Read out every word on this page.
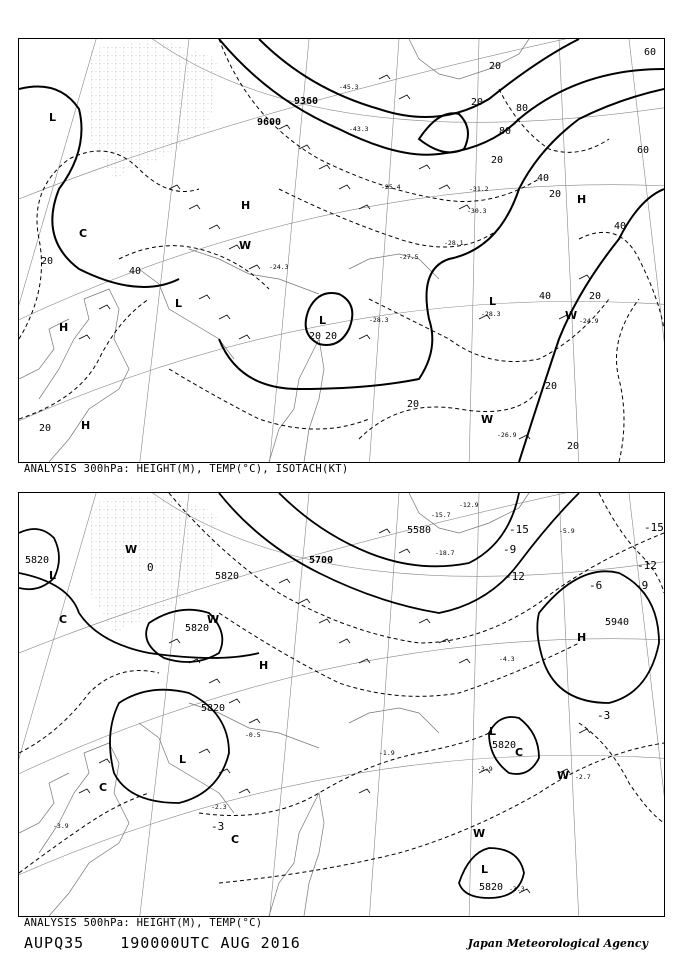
9360
9600
20
20
40
20
20
40
40
60
60
20
20
20
20
20
40
20
20
80
80
20
L
H
H
L
L
H
L
W
W
W
C
H
-28.3
-28.3
-26.9
-24.9
-31.2
-30.3
-27.5
-28.1
-25.4
-24.3
-43.3
-45.3
ANALYSIS 300hPa: HEIGHT(M), TEMP(°C), ISOTACH(KT)
5820	5700
5580
5820
5940
5820
5820
5820
5820
-15
-12
-9
-6
-3
-3
0
-9
-12
-15
L
W
H
L
L
H
L
W
C
C
C
W
W
C
-18.7
-15.7
-12.9
-5.9
-3.9
-2.7
-3.3
-3.9
-1.9
-2.3
-0.5
-4.3
ANALYSIS 500hPa: HEIGHT(M), TEMP(°C)
AUPQ35 190000UTC AUG 2016	Japan Meteorological Agency
